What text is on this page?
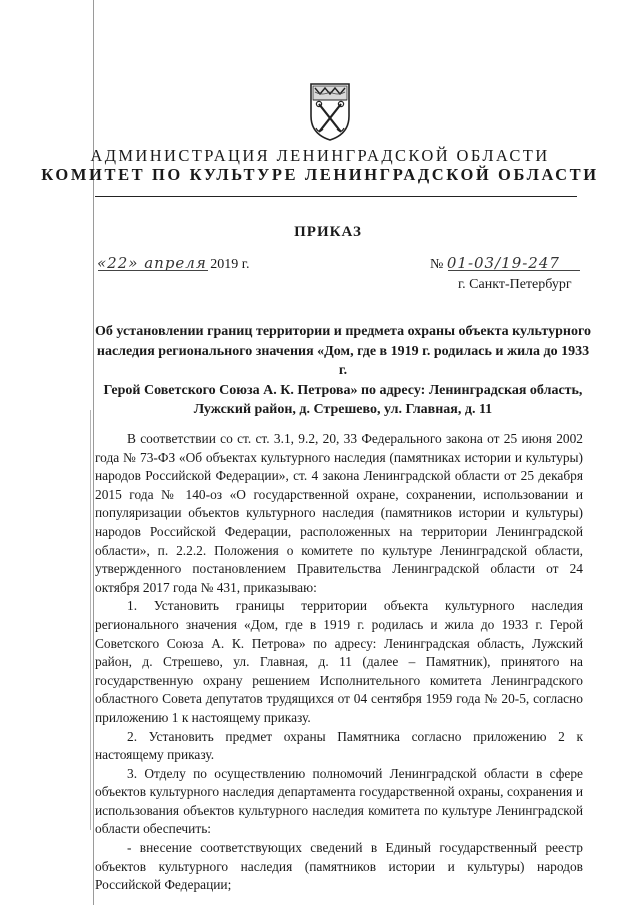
АДМИНИСТРАЦИЯ ЛЕНИНГРАДСКОЙ ОБЛАСТИ
КОМИТЕТ ПО КУЛЬТУРЕ ЛЕНИНГРАДСКОЙ ОБЛАСТИ
ПРИКАЗ
«22» апреля 2019 г.	№ 01-03/19-247
г. Санкт-Петербург
Об установлении границ территории и предмета охраны объекта культурного
наследия регионального значения «Дом, где в 1919 г. родилась и жила до 1933 г.
Герой Советского Союза А. К. Петрова» по адресу: Ленинградская область,
Лужский район, д. Стрешево, ул. Главная, д. 11

В соответствии со ст. ст. 3.1, 9.2, 20, 33 Федерального закона от 25 июня 2002 года № 73-ФЗ «Об объектах культурного наследия (памятниках истории и культуры) народов Российской Федерации», ст. 4 закона Ленинградской области от 25 декабря 2015 года № 140-оз «О государственной охране, сохранении, использовании и популяризации объектов культурного наследия (памятников истории и культуры) народов Российской Федерации, расположенных на территории Ленинградской области», п. 2.2.2. Положения о комитете по культуре Ленинградской области, утвержденного постановлением Правительства Ленинградской области от 24 октября 2017 года № 431, приказываю:

1. Установить границы территории объекта культурного наследия регионального значения «Дом, где в 1919 г. родилась и жила до 1933 г. Герой Советского Союза А. К. Петрова» по адресу: Ленинградская область, Лужский район, д. Стрешево, ул. Главная, д. 11 (далее – Памятник), принятого на государственную охрану решением Исполнительного комитета Ленинградского областного Совета депутатов трудящихся от 04 сентября 1959 года № 20-5, согласно приложению 1 к настоящему приказу.

2. Установить предмет охраны Памятника согласно приложению 2 к настоящему приказу.

3. Отделу по осуществлению полномочий Ленинградской области в сфере объектов культурного наследия департамента государственной охраны, сохранения и использования объектов культурного наследия комитета по культуре Ленинградской области обеспечить:

- внесение соответствующих сведений в Единый государственный реестр объектов культурного наследия (памятников истории и культуры) народов Российской Федерации;
